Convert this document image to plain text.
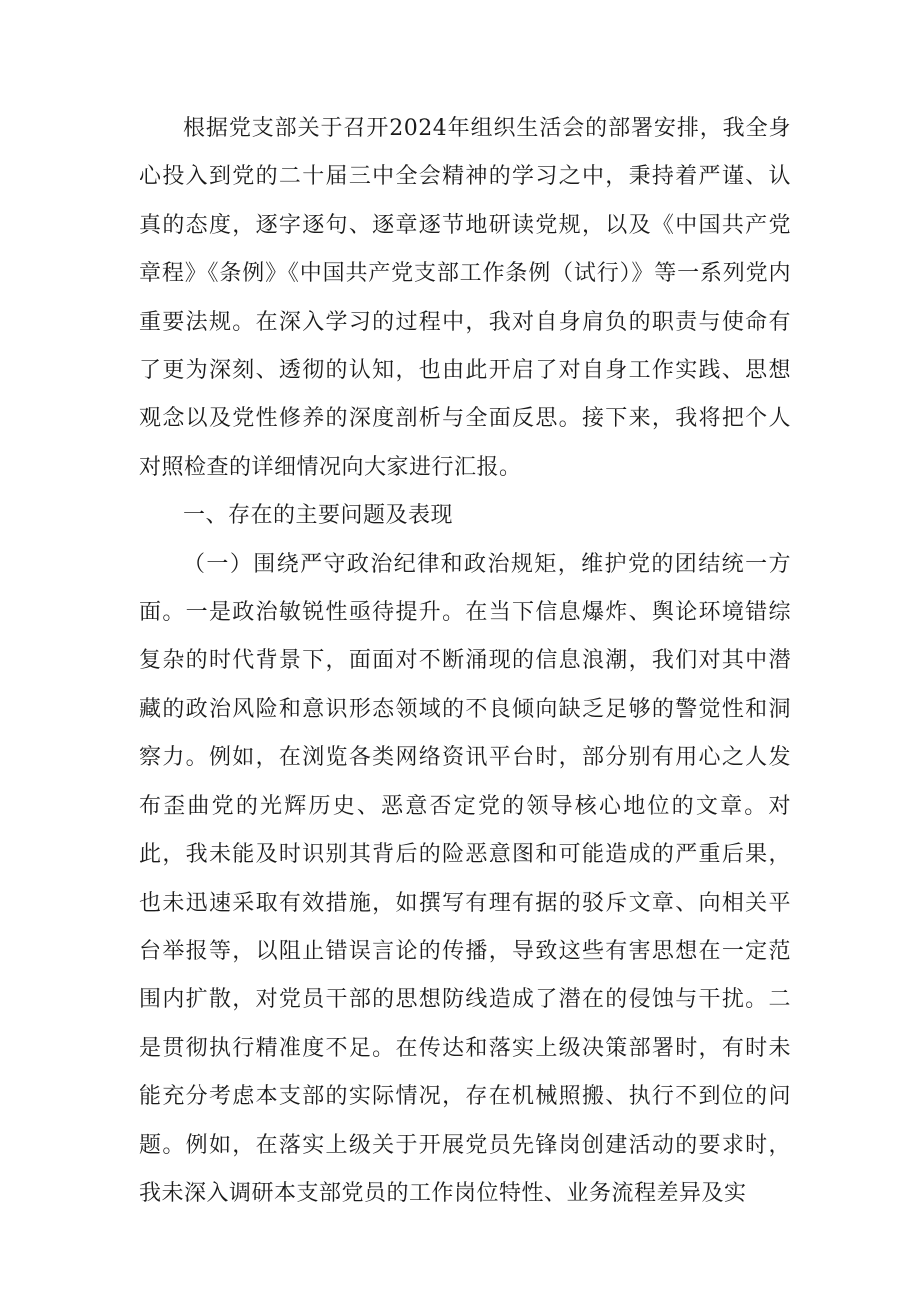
根据党支部关于召开2024年组织生活会的部署安排，我全身心投入到党的二十届三中全会精神的学习之中，秉持着严谨、认真的态度，逐字逐句、逐章逐节地研读党规，以及《中国共产党章程》《条例》《中国共产党支部工作条例（试行）》等一系列党内重要法规。在深入学习的过程中，我对自身肩负的职责与使命有了更为深刻、透彻的认知，也由此开启了对自身工作实践、思想观念以及党性修养的深度剖析与全面反思。接下来，我将把个人对照检查的详细情况向大家进行汇报。

一、存在的主要问题及表现

（一）围绕严守政治纪律和政治规矩，维护党的团结统一方面。一是政治敏锐性亟待提升。在当下信息爆炸、舆论环境错综复杂的时代背景下，面面对不断涌现的信息浪潮，我们对其中潜藏的政治风险和意识形态领域的不良倾向缺乏足够的警觉性和洞察力。例如，在浏览各类网络资讯平台时，部分别有用心之人发布歪曲党的光辉历史、恶意否定党的领导核心地位的文章。对此，我未能及时识别其背后的险恶意图和可能造成的严重后果，也未迅速采取有效措施，如撰写有理有据的驳斥文章、向相关平台举报等，以阻止错误言论的传播，导致这些有害思想在一定范围内扩散，对党员干部的思想防线造成了潜在的侵蚀与干扰。二是贯彻执行精准度不足。在传达和落实上级决策部署时，有时未能充分考虑本支部的实际情况，存在机械照搬、执行不到位的问题。例如，在落实上级关于开展党员先锋岗创建活动的要求时，我未深入调研本支部党员的工作岗位特性、业务流程差异及实
